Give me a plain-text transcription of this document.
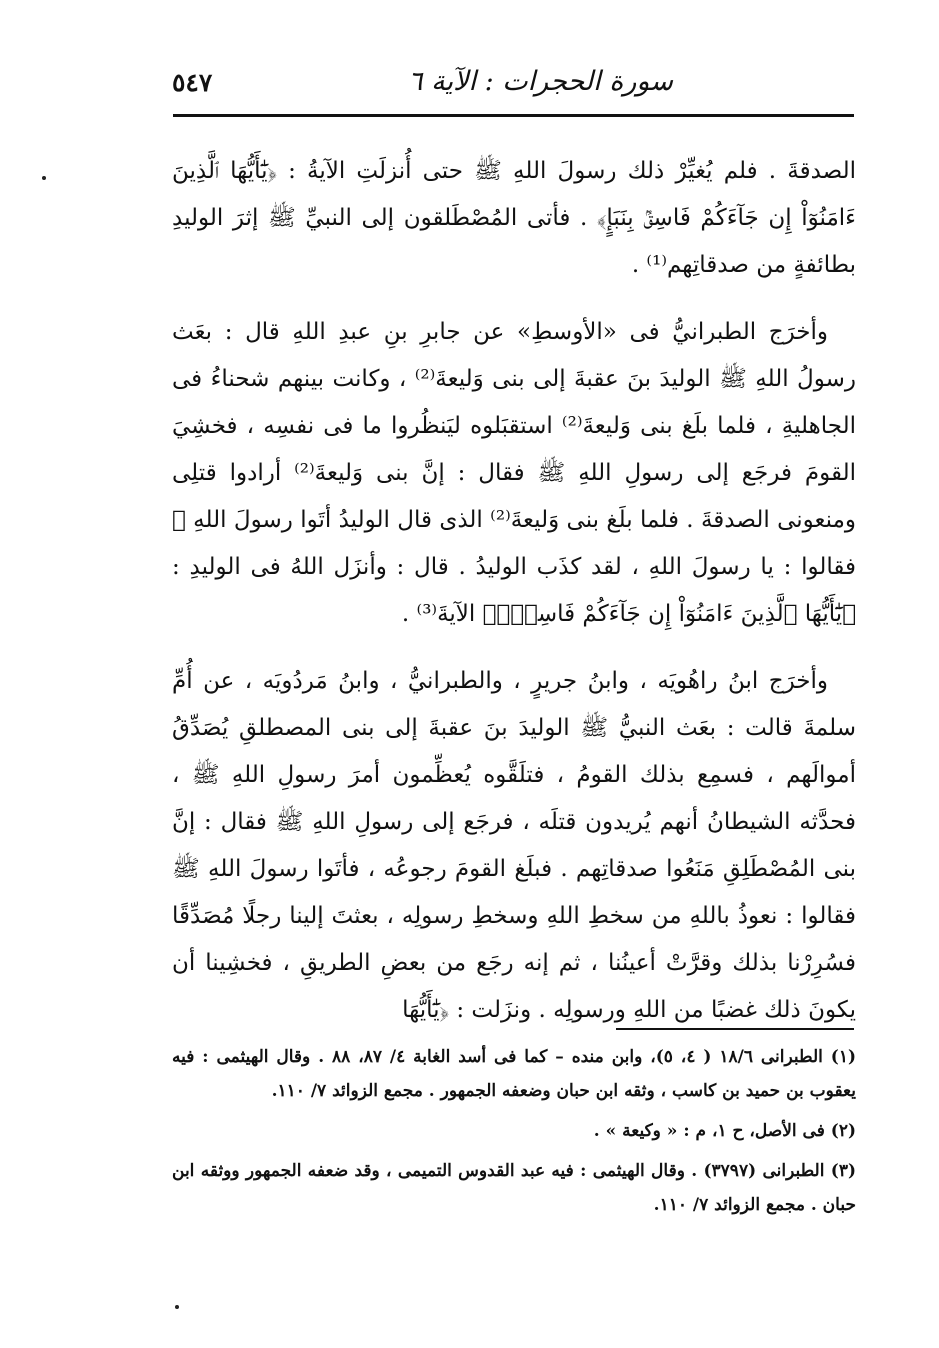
٥٤٧	سورة الحجرات : الآية ٦

الصدقةَ . فلم يُغيِّرْ ذلك رسولَ اللهِ ﷺ حتى أُنزلَتِ الآيةُ : ﴿يَٰٓأَيُّهَا ٱلَّذِينَ ءَامَنُوٓاْ إِن جَآءَكُمْ فَاسِقُۢ بِنَبَإٍ﴾ . فأتى المُصْطَلقون إلى النبيِّ ﷺ إثرَ الوليدِ بطائفةٍ من صدقاتِهم⁽¹⁾ .

وأخرَج الطبرانيُّ فى «الأوسطِ» عن جابرِ بنِ عبدِ اللهِ قال : بعَث رسولُ اللهِ ﷺ الوليدَ بنَ عقبةَ إلى بنى وَليعةَ⁽²⁾ ، وكانت بينهم شحناءُ فى الجاهليةِ ، فلما بلَغ بنى وَليعةَ⁽²⁾ استقبَلوه ليَنظُروا ما فى نفسِه ، فخشِيَ القومَ فرجَع إلى رسولِ اللهِ ﷺ فقال : إنَّ بنى وَليعةَ⁽²⁾ أرادوا قتلِى ومنعونى الصدقةَ . فلما بلَغ بنى وَليعةَ⁽²⁾ الذى قال الوليدُ أتَوا رسولَ اللهِ ﷺ فقالوا : يا رسولَ اللهِ ، لقد كذَب الوليدُ . قال : وأنزَل اللهُ فى الوليدِ : ﴿يَٰٓأَيُّهَا ٱلَّذِينَ ءَامَنُوٓاْ إِن جَآءَكُمْ فَاسِقُۢ﴾ الآيةَ⁽³⁾ .

وأخرَج ابنُ راهُويَه ، وابنُ جريرٍ ، والطبرانيُّ ، وابنُ مَردُويَه ، عن أُمِّ سلمةَ قالت : بعَث النبيُّ ﷺ الوليدَ بنَ عقبةَ إلى بنى المصطلقِ يُصَدِّقُ أموالَهم ، فسمِع بذلك القومُ ، فتلَقَّوه يُعظِّمون أمرَ رسولِ اللهِ ﷺ ، فحدَّثه الشيطانُ أنهم يُريدون قتلَه ، فرجَع إلى رسولِ اللهِ ﷺ فقال : إنَّ بنى المُصْطَلِقِ مَنَعُوا صدقاتِهم . فبلَغ القومَ رجوعُه ، فأتَوا رسولَ اللهِ ﷺ فقالوا : نعوذُ باللهِ من سخطِ اللهِ وسخطِ رسولِه ، بعثتَ إلينا رجلًا مُصَدِّقًا فسُرِرْنا بذلك وقرَّتْ أعينُنا ، ثم إنه رجَع من بعضِ الطريقِ ، فخشِينا أن يكونَ ذلك غضبًا من اللهِ ورسولِه . ونزَلت : ﴿يَٰٓأَيُّهَا

(١) الطبرانى ١٨/٦ ( ٤، ٥)، وابن منده – كما فى أسد الغابة ٤/ ٨٧، ٨٨ . وقال الهيثمى : فيه يعقوب بن حميد بن كاسب ، وثقه ابن حبان وضعفه الجمهور . مجمع الزوائد ٧/ ١١٠.

(٢) فى الأصل، ح ١، م : « وكيعة » .

(٣) الطبرانى (٣٧٩٧) . وقال الهيثمى : فيه عبد القدوس التميمى ، وقد ضعفه الجمهور ووثقه ابن حبان . مجمع الزوائد ٧/ ١١٠.
